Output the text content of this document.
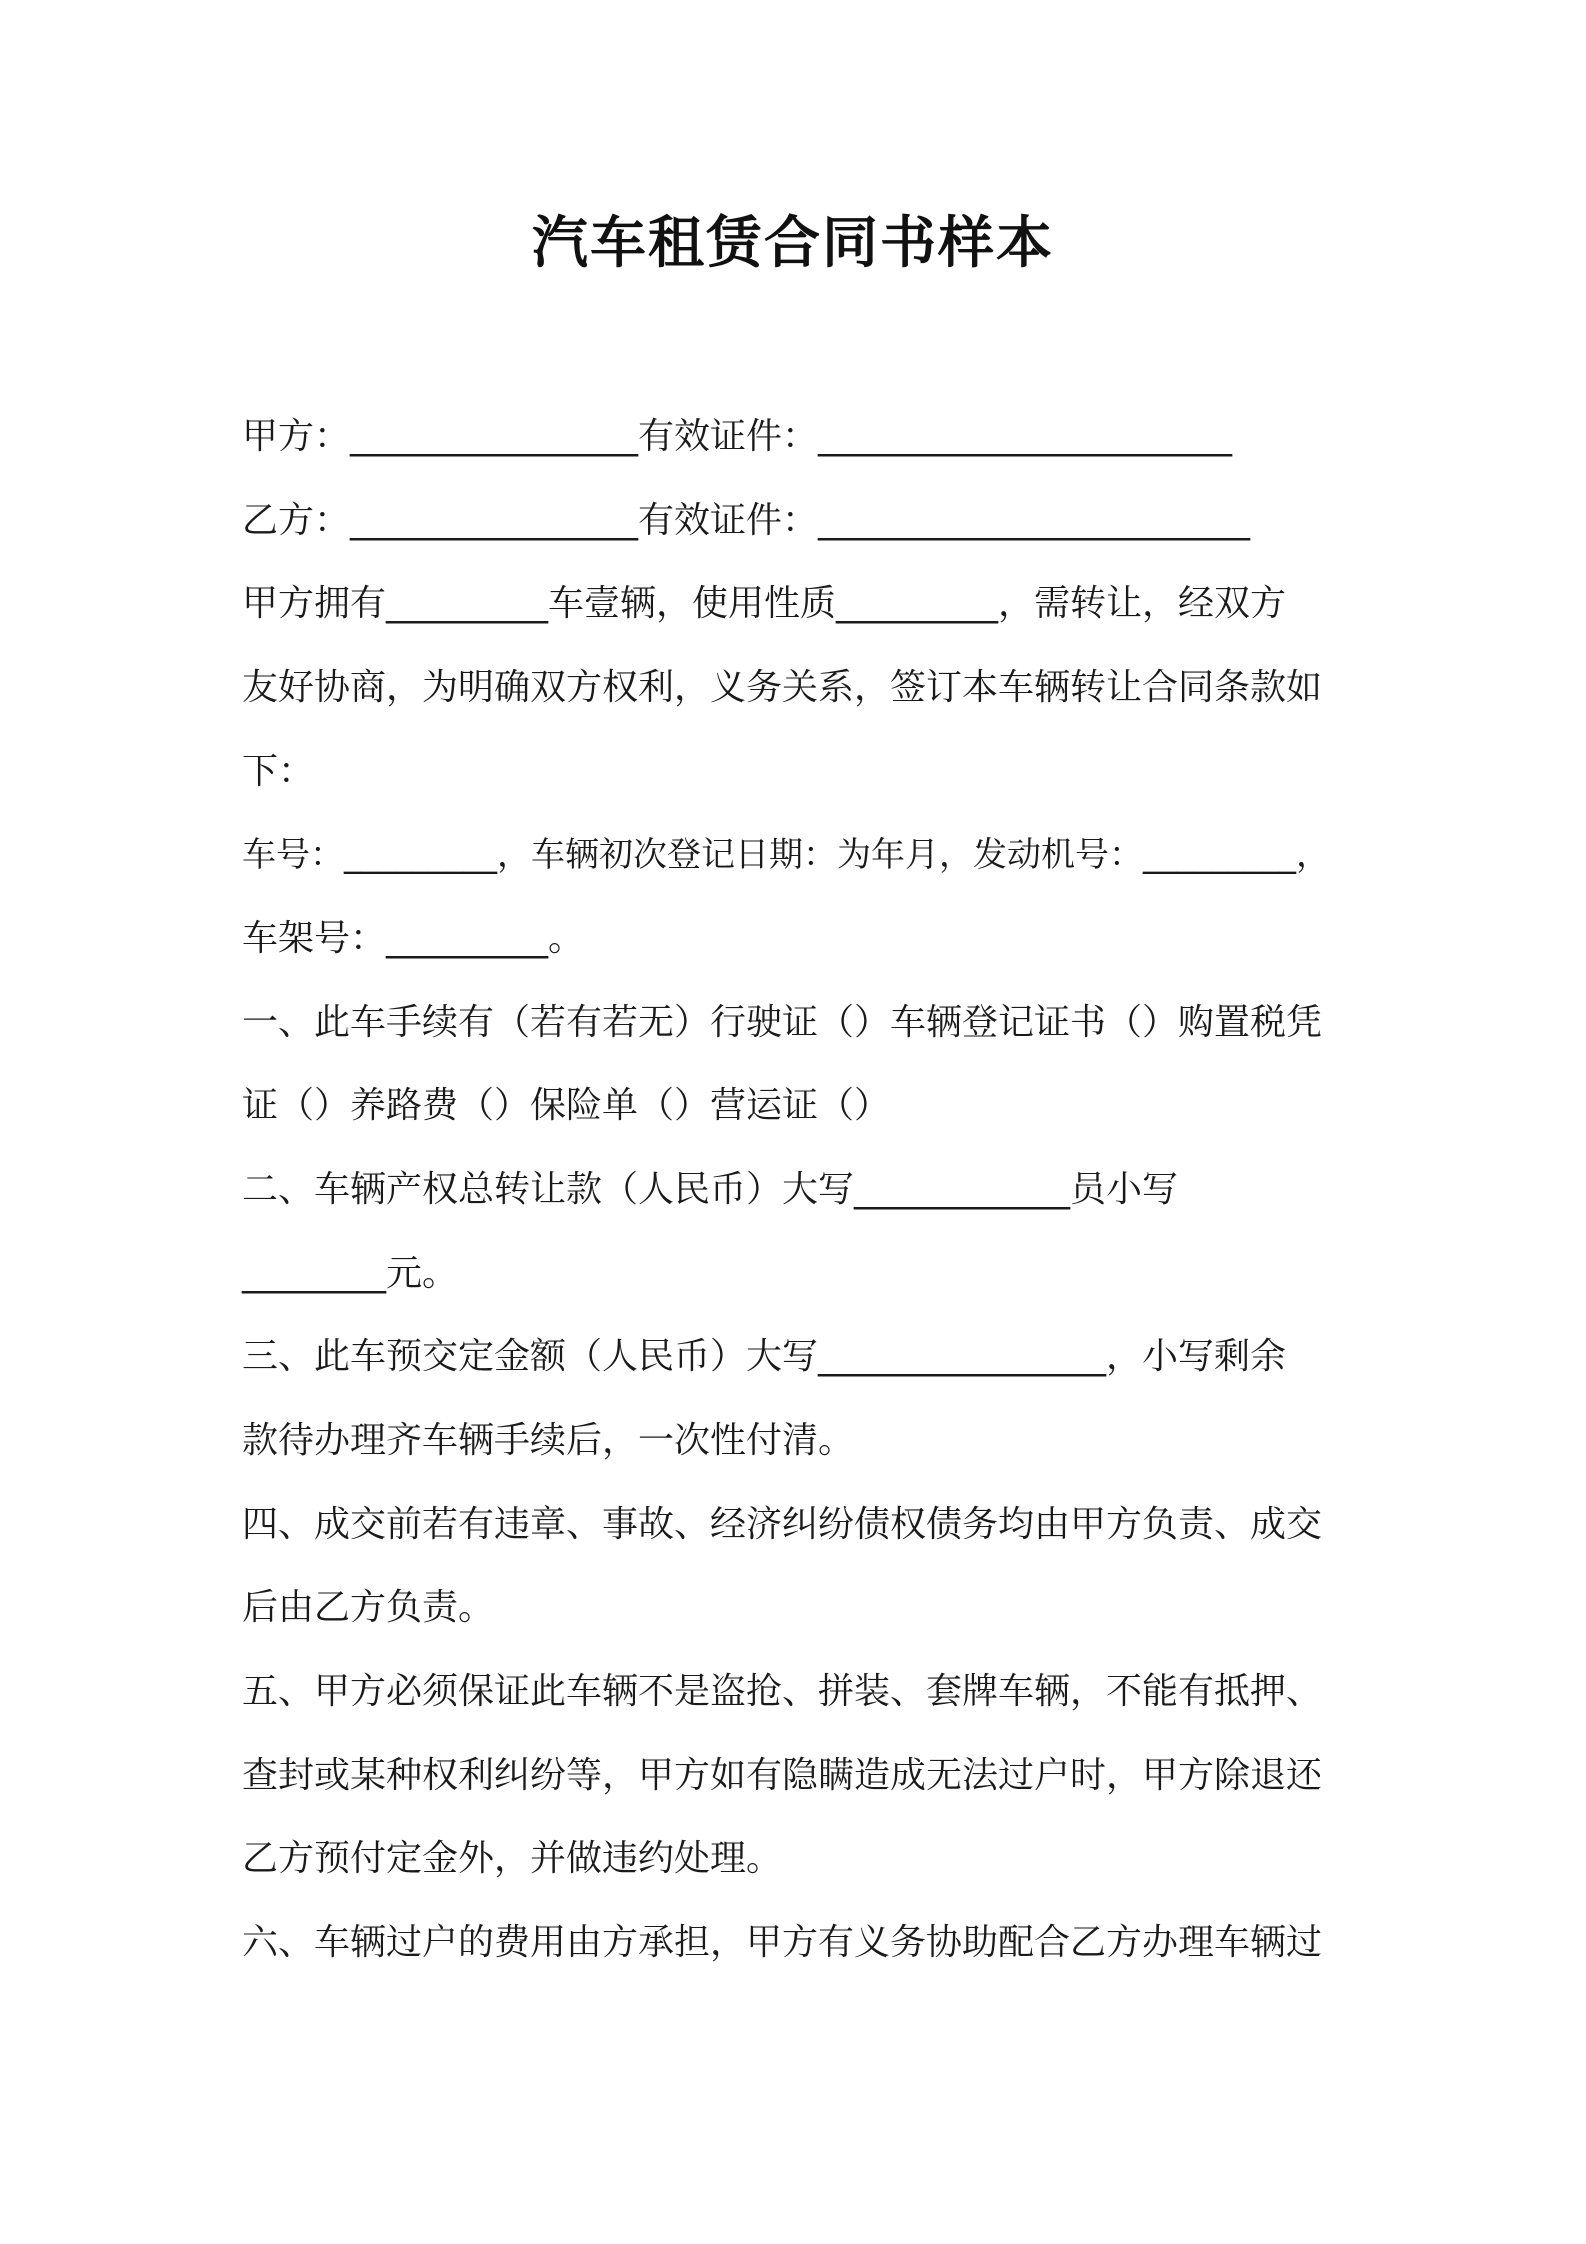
汽车租赁合同书样本
甲方：________________有效证件：_______________________
乙方：________________有效证件：________________________
甲方拥有_________车壹辆，使用性质_________，需转让，经双方
友好协商，为明确双方权利，义务关系，签订本车辆转让合同条款如
下：
车号：_________，车辆初次登记日期：为年月，发动机号：_________，
车架号：_________。
一、此车手续有（若有若无）行驶证（）车辆登记证书（）购置税凭
证（）养路费（）保险单（）营运证（）
二、车辆产权总转让款（人民币）大写____________员小写
________元。
三、此车预交定金额（人民币）大写________________，小写剩余
款待办理齐车辆手续后，一次性付清。
四、成交前若有违章、事故、经济纠纷债权债务均由甲方负责、成交
后由乙方负责。
五、甲方必须保证此车辆不是盗抢、拼装、套牌车辆，不能有抵押、
查封或某种权利纠纷等，甲方如有隐瞒造成无法过户时，甲方除退还
乙方预付定金外，并做违约处理。
六、车辆过户的费用由方承担，甲方有义务协助配合乙方办理车辆过
